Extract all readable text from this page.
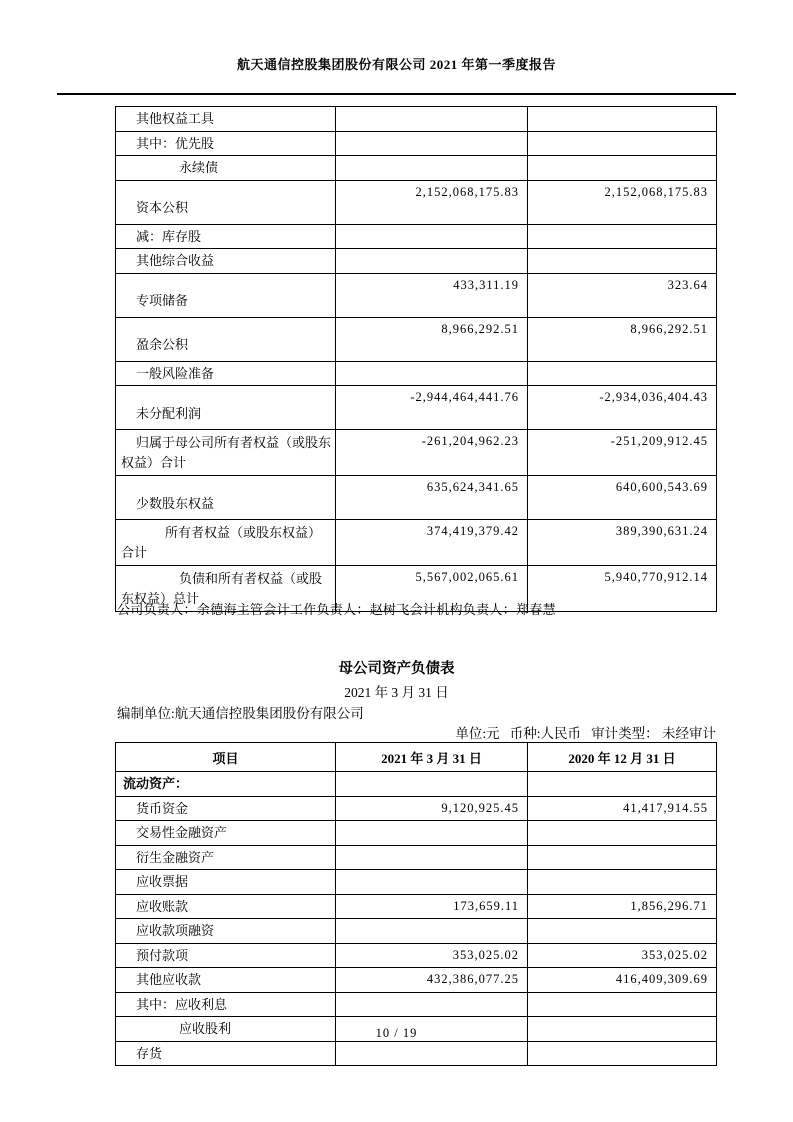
航天通信控股集团股份有限公司 2021 年第一季度报告
其他权益工具		
其中：优先股		
永续债		
资本公积	2,152,068,175.83	2,152,068,175.83
减：库存股		
其他综合收益		
专项储备	433,311.19	323.64
盈余公积	8,966,292.51	8,966,292.51
一般风险准备		
未分配利润	-2,944,464,441.76	-2,934,036,404.43
归属于母公司所有者权益（或股东权益）合计	-261,204,962.23	-251,209,912.45
少数股东权益	635,624,341.65	640,600,543.69
所有者权益（或股东权益）合计	374,419,379.42	389,390,631.24
负债和所有者权益（或股东权益）总计	5,567,002,065.61	5,940,770,912.14
公司负责人：余德海主管会计工作负责人：赵树飞会计机构负责人：郑春慧
母公司资产负债表
2021 年 3 月 31 日
编制单位:航天通信控股集团股份有限公司
单位:元   币种:人民币   审计类型： 未经审计
项目	2021 年 3 月 31 日	2020 年 12 月 31 日
流动资产：		
货币资金	9,120,925.45	41,417,914.55
交易性金融资产		
衍生金融资产		
应收票据		
应收账款	173,659.11	1,856,296.71
应收款项融资		
预付款项	353,025.02	353,025.02
其他应收款	432,386,077.25	416,409,309.69
其中：应收利息		
应收股利		
存货		
10 / 19
